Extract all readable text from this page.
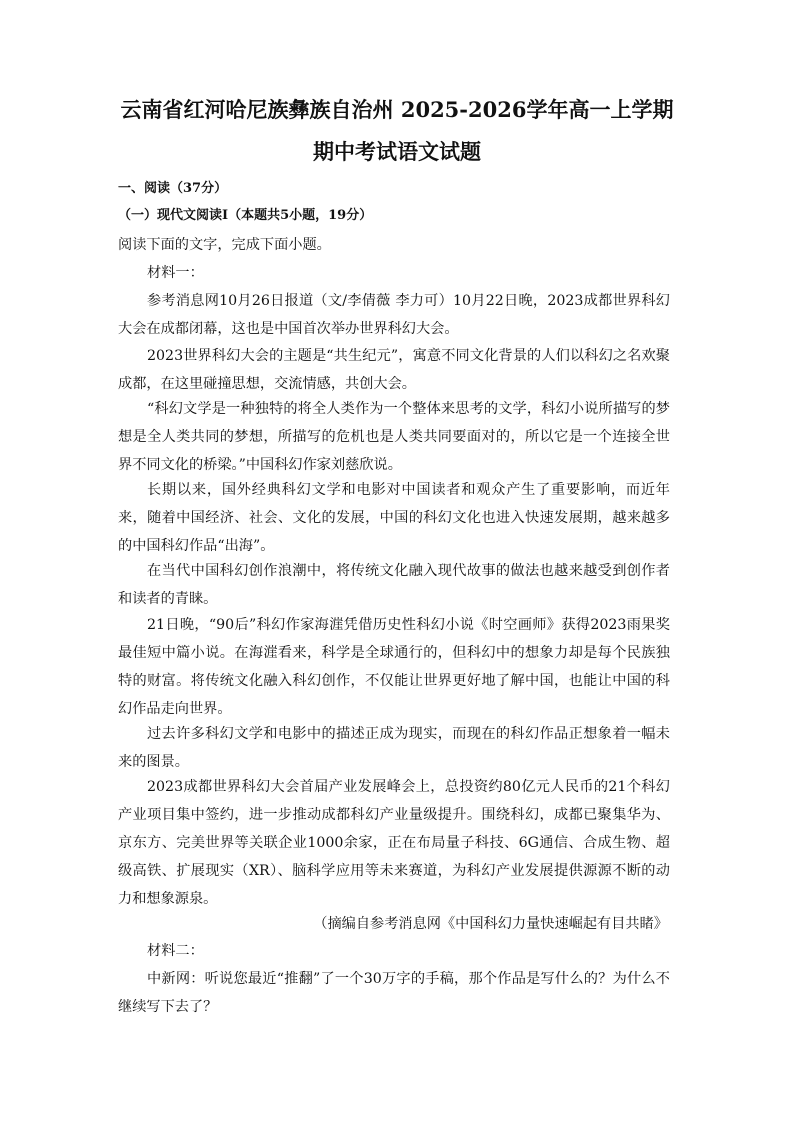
云南省红河哈尼族彝族自治州 2025-2026学年高一上学期
期中考试语文试题
一、阅读（37分）
（一）现代文阅读Ⅰ（本题共5小题，19分）
阅读下面的文字，完成下面小题。
材料一：

参考消息网10月26日报道（文/李倩薇 李力可）10月22日晚，2023成都世界科幻大会在成都闭幕，这也是中国首次举办世界科幻大会。

2023世界科幻大会的主题是“共生纪元”，寓意不同文化背景的人们以科幻之名欢聚成都，在这里碰撞思想，交流情感，共创大会。

“科幻文学是一种独特的将全人类作为一个整体来思考的文学，科幻小说所描写的梦想是全人类共同的梦想，所描写的危机也是人类共同要面对的，所以它是一个连接全世界不同文化的桥梁。”中国科幻作家刘慈欣说。

长期以来，国外经典科幻文学和电影对中国读者和观众产生了重要影响，而近年来，随着中国经济、社会、文化的发展，中国的科幻文化也进入快速发展期，越来越多的中国科幻作品“出海”。

在当代中国科幻创作浪潮中，将传统文化融入现代故事的做法也越来越受到创作者和读者的青睐。

21日晚，“90后”科幻作家海漄凭借历史性科幻小说《时空画师》获得2023雨果奖最佳短中篇小说。在海漄看来，科学是全球通行的，但科幻中的想象力却是每个民族独特的财富。将传统文化融入科幻创作，不仅能让世界更好地了解中国，也能让中国的科幻作品走向世界。

过去许多科幻文学和电影中的描述正成为现实，而现在的科幻作品正想象着一幅未来的图景。

2023成都世界科幻大会首届产业发展峰会上，总投资约80亿元人民币的21个科幻产业项目集中签约，进一步推动成都科幻产业量级提升。围绕科幻，成都已聚集华为、京东方、完美世界等关联企业1000余家，正在布局量子科技、6G通信、合成生物、超级高铁、扩展现实（XR）、脑科学应用等未来赛道，为科幻产业发展提供源源不断的动力和想象源泉。

（摘编自参考消息网《中国科幻力量快速崛起有目共睹》
材料二：

中新网：听说您最近“推翻”了一个30万字的手稿，那个作品是写什么的？为什么不继续写下去了？
